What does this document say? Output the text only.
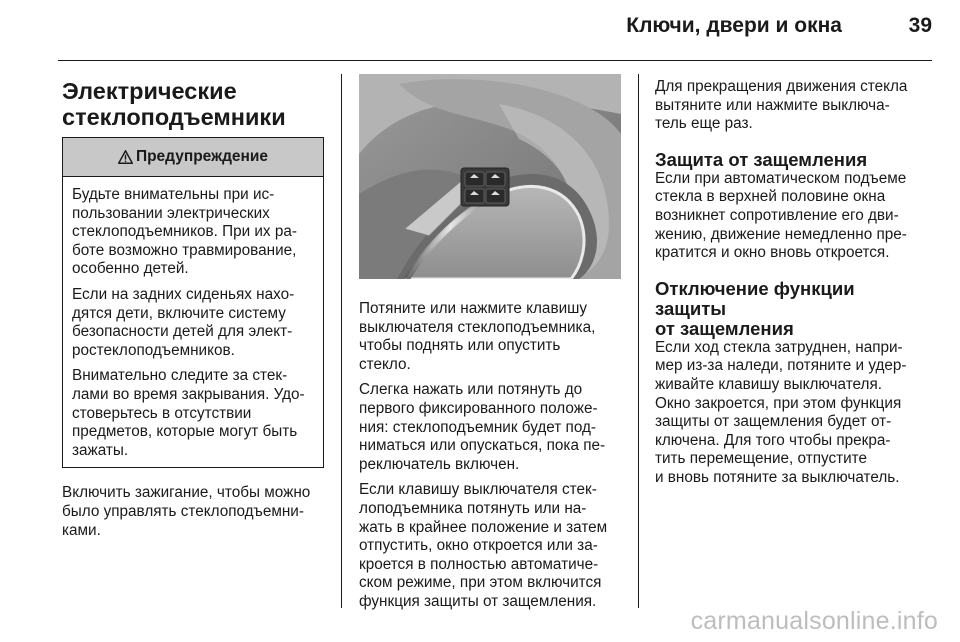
Ключи, двери и окна	39
Электрические
стеклоподъемники
Предупреждение
Будьте внимательны при ис-
пользовании электрических
стеклоподъемников. При их ра-
боте возможно травмирование,
особенно детей.
Если на задних сиденьях нахо-
дятся дети, включите систему
безопасности детей для элект-
ростеклоподъемников.
Внимательно следите за стек-
лами во время закрывания. Удо-
стоверьтесь в отсутствии
предметов, которые могут быть
зажаты.
Включить зажигание, чтобы можно
было управлять стеклоподъемни-
ками.
Потяните или нажмите клавишу
выключателя стеклоподъемника,
чтобы поднять или опустить
стекло.
Слегка нажать или потянуть до
первого фиксированного положе-
ния: стеклоподъемник будет под-
ниматься или опускаться, пока пе-
реключатель включен.
Если клавишу выключателя стек-
лоподъемника потянуть или на-
жать в крайнее положение и затем
отпустить, окно откроется или за-
кроется в полностью автоматиче-
ском режиме, при этом включится
функция защиты от защемления.
Для прекращения движения стекла
вытяните или нажмите выключа-
тель еще раз.
Защита от защемления
Если при автоматическом подъеме
стекла в верхней половине окна
возникнет сопротивление его дви-
жению, движение немедленно пре-
кратится и окно вновь откроется.
Отключение функции защиты
от защемления
Если ход стекла затруднен, напри-
мер из-за наледи, потяните и удер-
живайте клавишу выключателя.
Окно закроется, при этом функция
защиты от защемления будет от-
ключена. Для того чтобы прекра-
тить перемещение, отпустите
и вновь потяните за выключатель.
carmanualsonline.info
